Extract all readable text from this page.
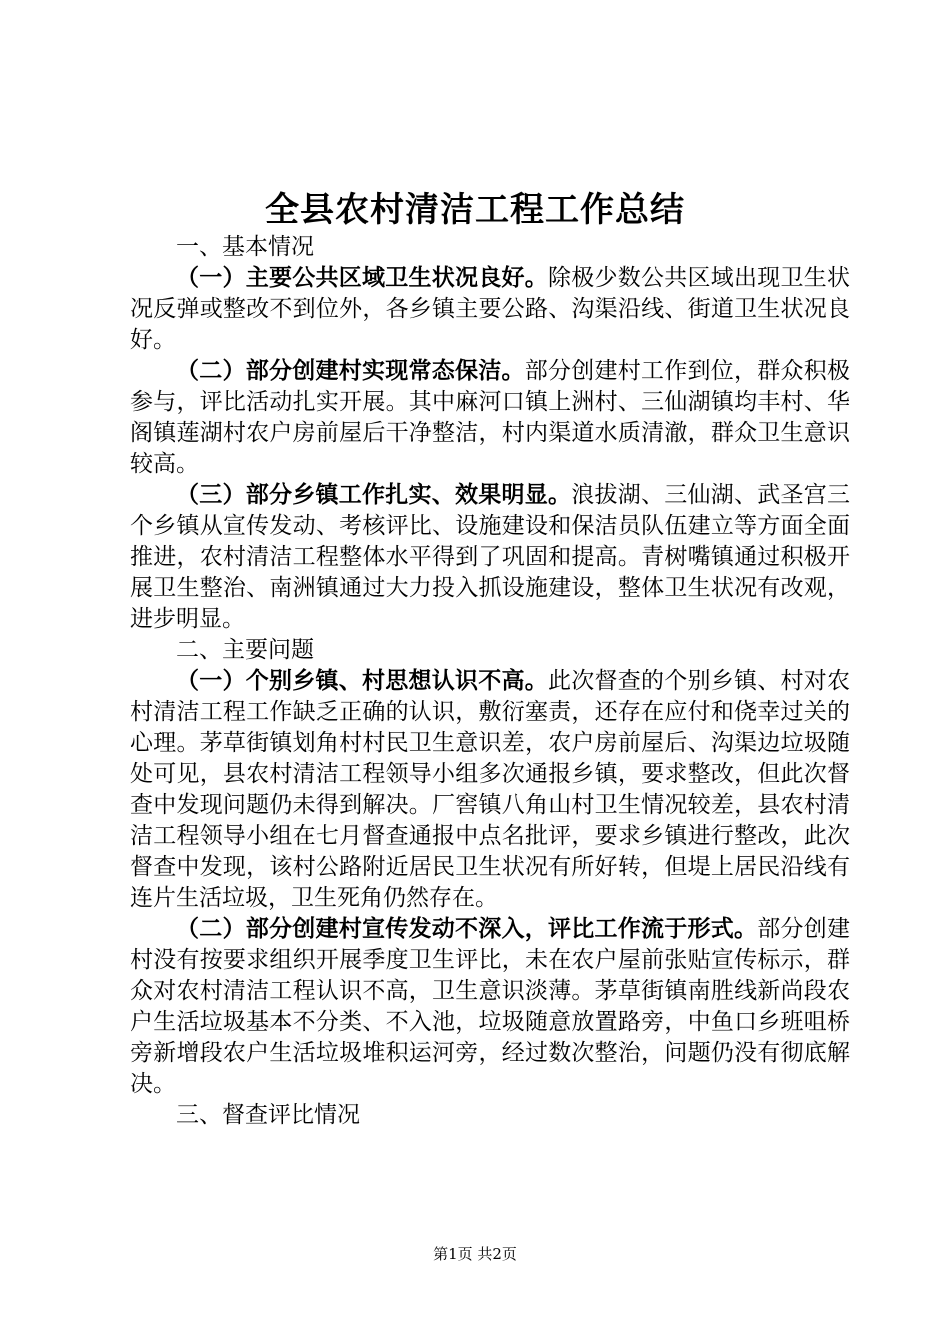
全县农村清洁工程工作总结
一、基本情况

（一）主要公共区域卫生状况良好。除极少数公共区域出现卫生状况反弹或整改不到位外，各乡镇主要公路、沟渠沿线、街道卫生状况良好。

（二）部分创建村实现常态保洁。部分创建村工作到位，群众积极参与，评比活动扎实开展。其中麻河口镇上洲村、三仙湖镇均丰村、华阁镇莲湖村农户房前屋后干净整洁，村内渠道水质清澈，群众卫生意识较高。

（三）部分乡镇工作扎实、效果明显。浪拔湖、三仙湖、武圣宫三个乡镇从宣传发动、考核评比、设施建设和保洁员队伍建立等方面全面推进，农村清洁工程整体水平得到了巩固和提高。青树嘴镇通过积极开展卫生整治、南洲镇通过大力投入抓设施建设，整体卫生状况有改观，进步明显。

二、主要问题

（一）个别乡镇、村思想认识不高。此次督查的个别乡镇、村对农村清洁工程工作缺乏正确的认识，敷衍塞责，还存在应付和侥幸过关的心理。茅草街镇划角村村民卫生意识差，农户房前屋后、沟渠边垃圾随处可见，县农村清洁工程领导小组多次通报乡镇，要求整改，但此次督查中发现问题仍未得到解决。厂窖镇八角山村卫生情况较差，县农村清洁工程领导小组在七月督查通报中点名批评，要求乡镇进行整改，此次督查中发现，该村公路附近居民卫生状况有所好转，但堤上居民沿线有连片生活垃圾，卫生死角仍然存在。

（二）部分创建村宣传发动不深入，评比工作流于形式。部分创建村没有按要求组织开展季度卫生评比，未在农户屋前张贴宣传标示，群众对农村清洁工程认识不高，卫生意识淡薄。茅草街镇南胜线新尚段农户生活垃圾基本不分类、不入池，垃圾随意放置路旁，中鱼口乡班咀桥旁新增段农户生活垃圾堆积运河旁，经过数次整治，问题仍没有彻底解决。

三、督查评比情况
第1页 共2页
